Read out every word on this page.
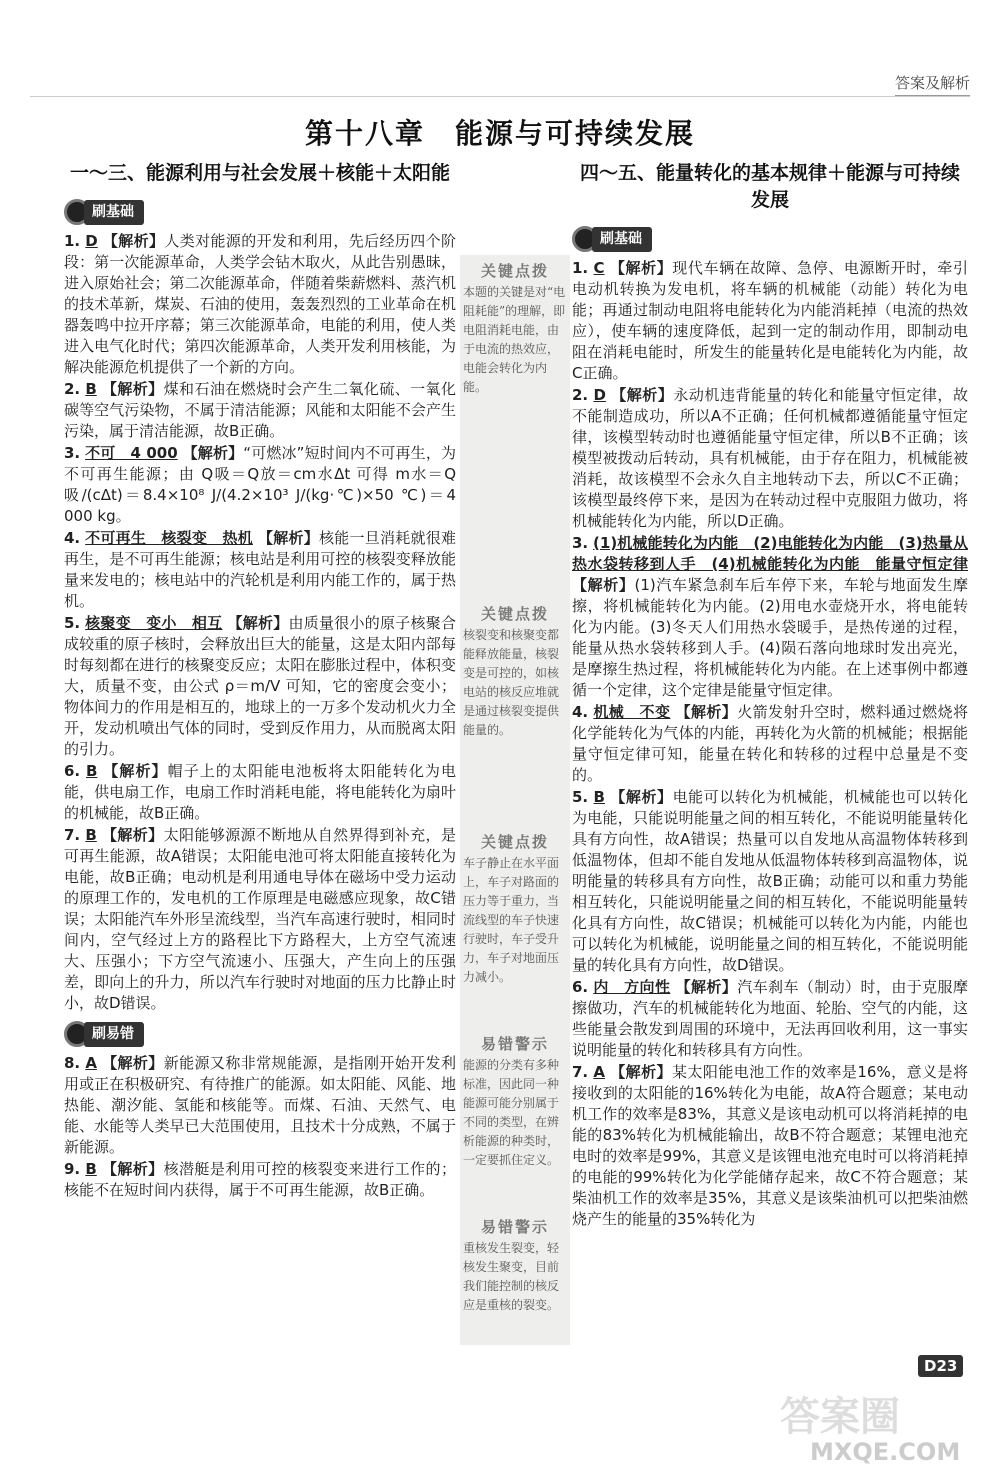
答案及解析
第十八章　能源与可持续发展
一～三、能源利用与社会发展＋核能＋太阳能
刷基础
1. D 【解析】人类对能源的开发和利用，先后经历四个阶段：第一次能源革命，人类学会钻木取火，从此告别愚昧，进入原始社会；第二次能源革命，伴随着柴薪燃料、蒸汽机的技术革新，煤炭、石油的使用，轰轰烈烈的工业革命在机器轰鸣中拉开序幕；第三次能源革命，电能的利用，使人类进入电气化时代；第四次能源革命，人类开发利用核能，为解决能源危机提供了一个新的方向。
2. B 【解析】煤和石油在燃烧时会产生二氧化硫、一氧化碳等空气污染物，不属于清洁能源；风能和太阳能不会产生污染，属于清洁能源，故B正确。
3. 不可　4 000 【解析】“可燃冰”短时间内不可再生，为不可再生能源；由 Q吸＝Q放＝cm水Δt 可得 m水＝Q吸/(cΔt)＝8.4×10⁸ J/(4.2×10³ J/(kg·℃)×50 ℃)＝4 000 kg。
4. 不可再生　核裂变　热机 【解析】核能一旦消耗就很难再生，是不可再生能源；核电站是利用可控的核裂变释放能量来发电的；核电站中的汽轮机是利用内能工作的，属于热机。
5. 核聚变　变小　相互 【解析】由质量很小的原子核聚合成较重的原子核时，会释放出巨大的能量，这是太阳内部每时每刻都在进行的核聚变反应；太阳在膨胀过程中，体积变大，质量不变，由公式 ρ＝m/V 可知，它的密度会变小；物体间力的作用是相互的，地球上的一万多个发动机火力全开，发动机喷出气体的同时，受到反作用力，从而脱离太阳的引力。
6. B 【解析】帽子上的太阳能电池板将太阳能转化为电能，供电扇工作，电扇工作时消耗电能，将电能转化为扇叶的机械能，故B正确。
7. B 【解析】太阳能够源源不断地从自然界得到补充，是可再生能源，故A错误；太阳能电池可将太阳能直接转化为电能，故B正确；电动机是利用通电导体在磁场中受力运动的原理工作的，发电机的工作原理是电磁感应现象，故C错误；太阳能汽车外形呈流线型，当汽车高速行驶时，相同时间内，空气经过上方的路程比下方路程大，上方空气流速大、压强小；下方空气流速小、压强大，产生向上的压强差，即向上的升力，所以汽车行驶时对地面的压力比静止时小，故D错误。
刷易错
8. A 【解析】新能源又称非常规能源，是指刚开始开发利用或正在积极研究、有待推广的能源。如太阳能、风能、地热能、潮汐能、氢能和核能等。而煤、石油、天然气、电能、水能等人类早已大范围使用，且技术十分成熟，不属于新能源。
9. B 【解析】核潜艇是利用可控的核裂变来进行工作的；核能不在短时间内获得，属于不可再生能源，故B正确。
关键点拨
本题的关键是对“电阻耗能”的理解，即电阻消耗电能，由于电流的热效应，电能会转化为内能。
关键点拨
核裂变和核聚变都能释放能量，核裂变是可控的，如核电站的核反应堆就是通过核裂变提供能量的。
关键点拨
车子静止在水平面上，车子对路面的压力等于重力，当流线型的车子快速行驶时，车子受升力，车子对地面压力减小。
易错警示
能源的分类有多种标准，因此同一种能源可能分别属于不同的类型，在辨析能源的种类时，一定要抓住定义。
易错警示
重核发生裂变，轻核发生聚变，目前我们能控制的核反应是重核的裂变。
四～五、能量转化的基本规律＋能源与可持续发展
刷基础
1. C 【解析】现代车辆在故障、急停、电源断开时，牵引电动机转换为发电机，将车辆的机械能（动能）转化为电能；再通过制动电阻将电能转化为内能消耗掉（电流的热效应），使车辆的速度降低，起到一定的制动作用，即制动电阻在消耗电能时，所发生的能量转化是电能转化为内能，故C正确。
2. D 【解析】永动机违背能量的转化和能量守恒定律，故不能制造成功，所以A不正确；任何机械都遵循能量守恒定律，该模型转动时也遵循能量守恒定律，所以B不正确；该模型被拨动后转动，具有机械能，由于存在阻力，机械能被消耗，故该模型不会永久自主地转动下去，所以C不正确；该模型最终停下来，是因为在转动过程中克服阻力做功，将机械能转化为内能，所以D正确。
3. (1)机械能转化为内能　(2)电能转化为内能　(3)热量从热水袋转移到人手　(4)机械能转化为内能　能量守恒定律 【解析】(1)汽车紧急刹车后车停下来，车轮与地面发生摩擦，将机械能转化为内能。(2)用电水壶烧开水，将电能转化为内能。(3)冬天人们用热水袋暖手，是热传递的过程，能量从热水袋转移到人手。(4)陨石落向地球时发出亮光，是摩擦生热过程，将机械能转化为内能。在上述事例中都遵循一个定律，这个定律是能量守恒定律。
4. 机械　不变 【解析】火箭发射升空时，燃料通过燃烧将化学能转化为气体的内能，再转化为火箭的机械能；根据能量守恒定律可知，能量在转化和转移的过程中总量是不变的。
5. B 【解析】电能可以转化为机械能，机械能也可以转化为电能，只能说明能量之间的相互转化，不能说明能量转化具有方向性，故A错误；热量可以自发地从高温物体转移到低温物体，但却不能自发地从低温物体转移到高温物体，说明能量的转移具有方向性，故B正确；动能可以和重力势能相互转化，只能说明能量之间的相互转化，不能说明能量转化具有方向性，故C错误；机械能可以转化为内能，内能也可以转化为机械能，说明能量之间的相互转化，不能说明能量的转化具有方向性，故D错误。
6. 内　方向性 【解析】汽车刹车（制动）时，由于克服摩擦做功，汽车的机械能转化为地面、轮胎、空气的内能，这些能量会散发到周围的环境中，无法再回收利用，这一事实说明能量的转化和转移具有方向性。
7. A 【解析】某太阳能电池工作的效率是16%，意义是将接收到的太阳能的16%转化为电能，故A符合题意；某电动机工作的效率是83%，其意义是该电动机可以将消耗掉的电能的83%转化为机械能输出，故B不符合题意；某锂电池充电时的效率是99%，其意义是该锂电池充电时可以将消耗掉的电能的99%转化为化学能储存起来，故C不符合题意；某柴油机工作的效率是35%，其意义是该柴油机可以把柴油燃烧产生的能量的35%转化为
D23
答案圈
MXQE.COM
